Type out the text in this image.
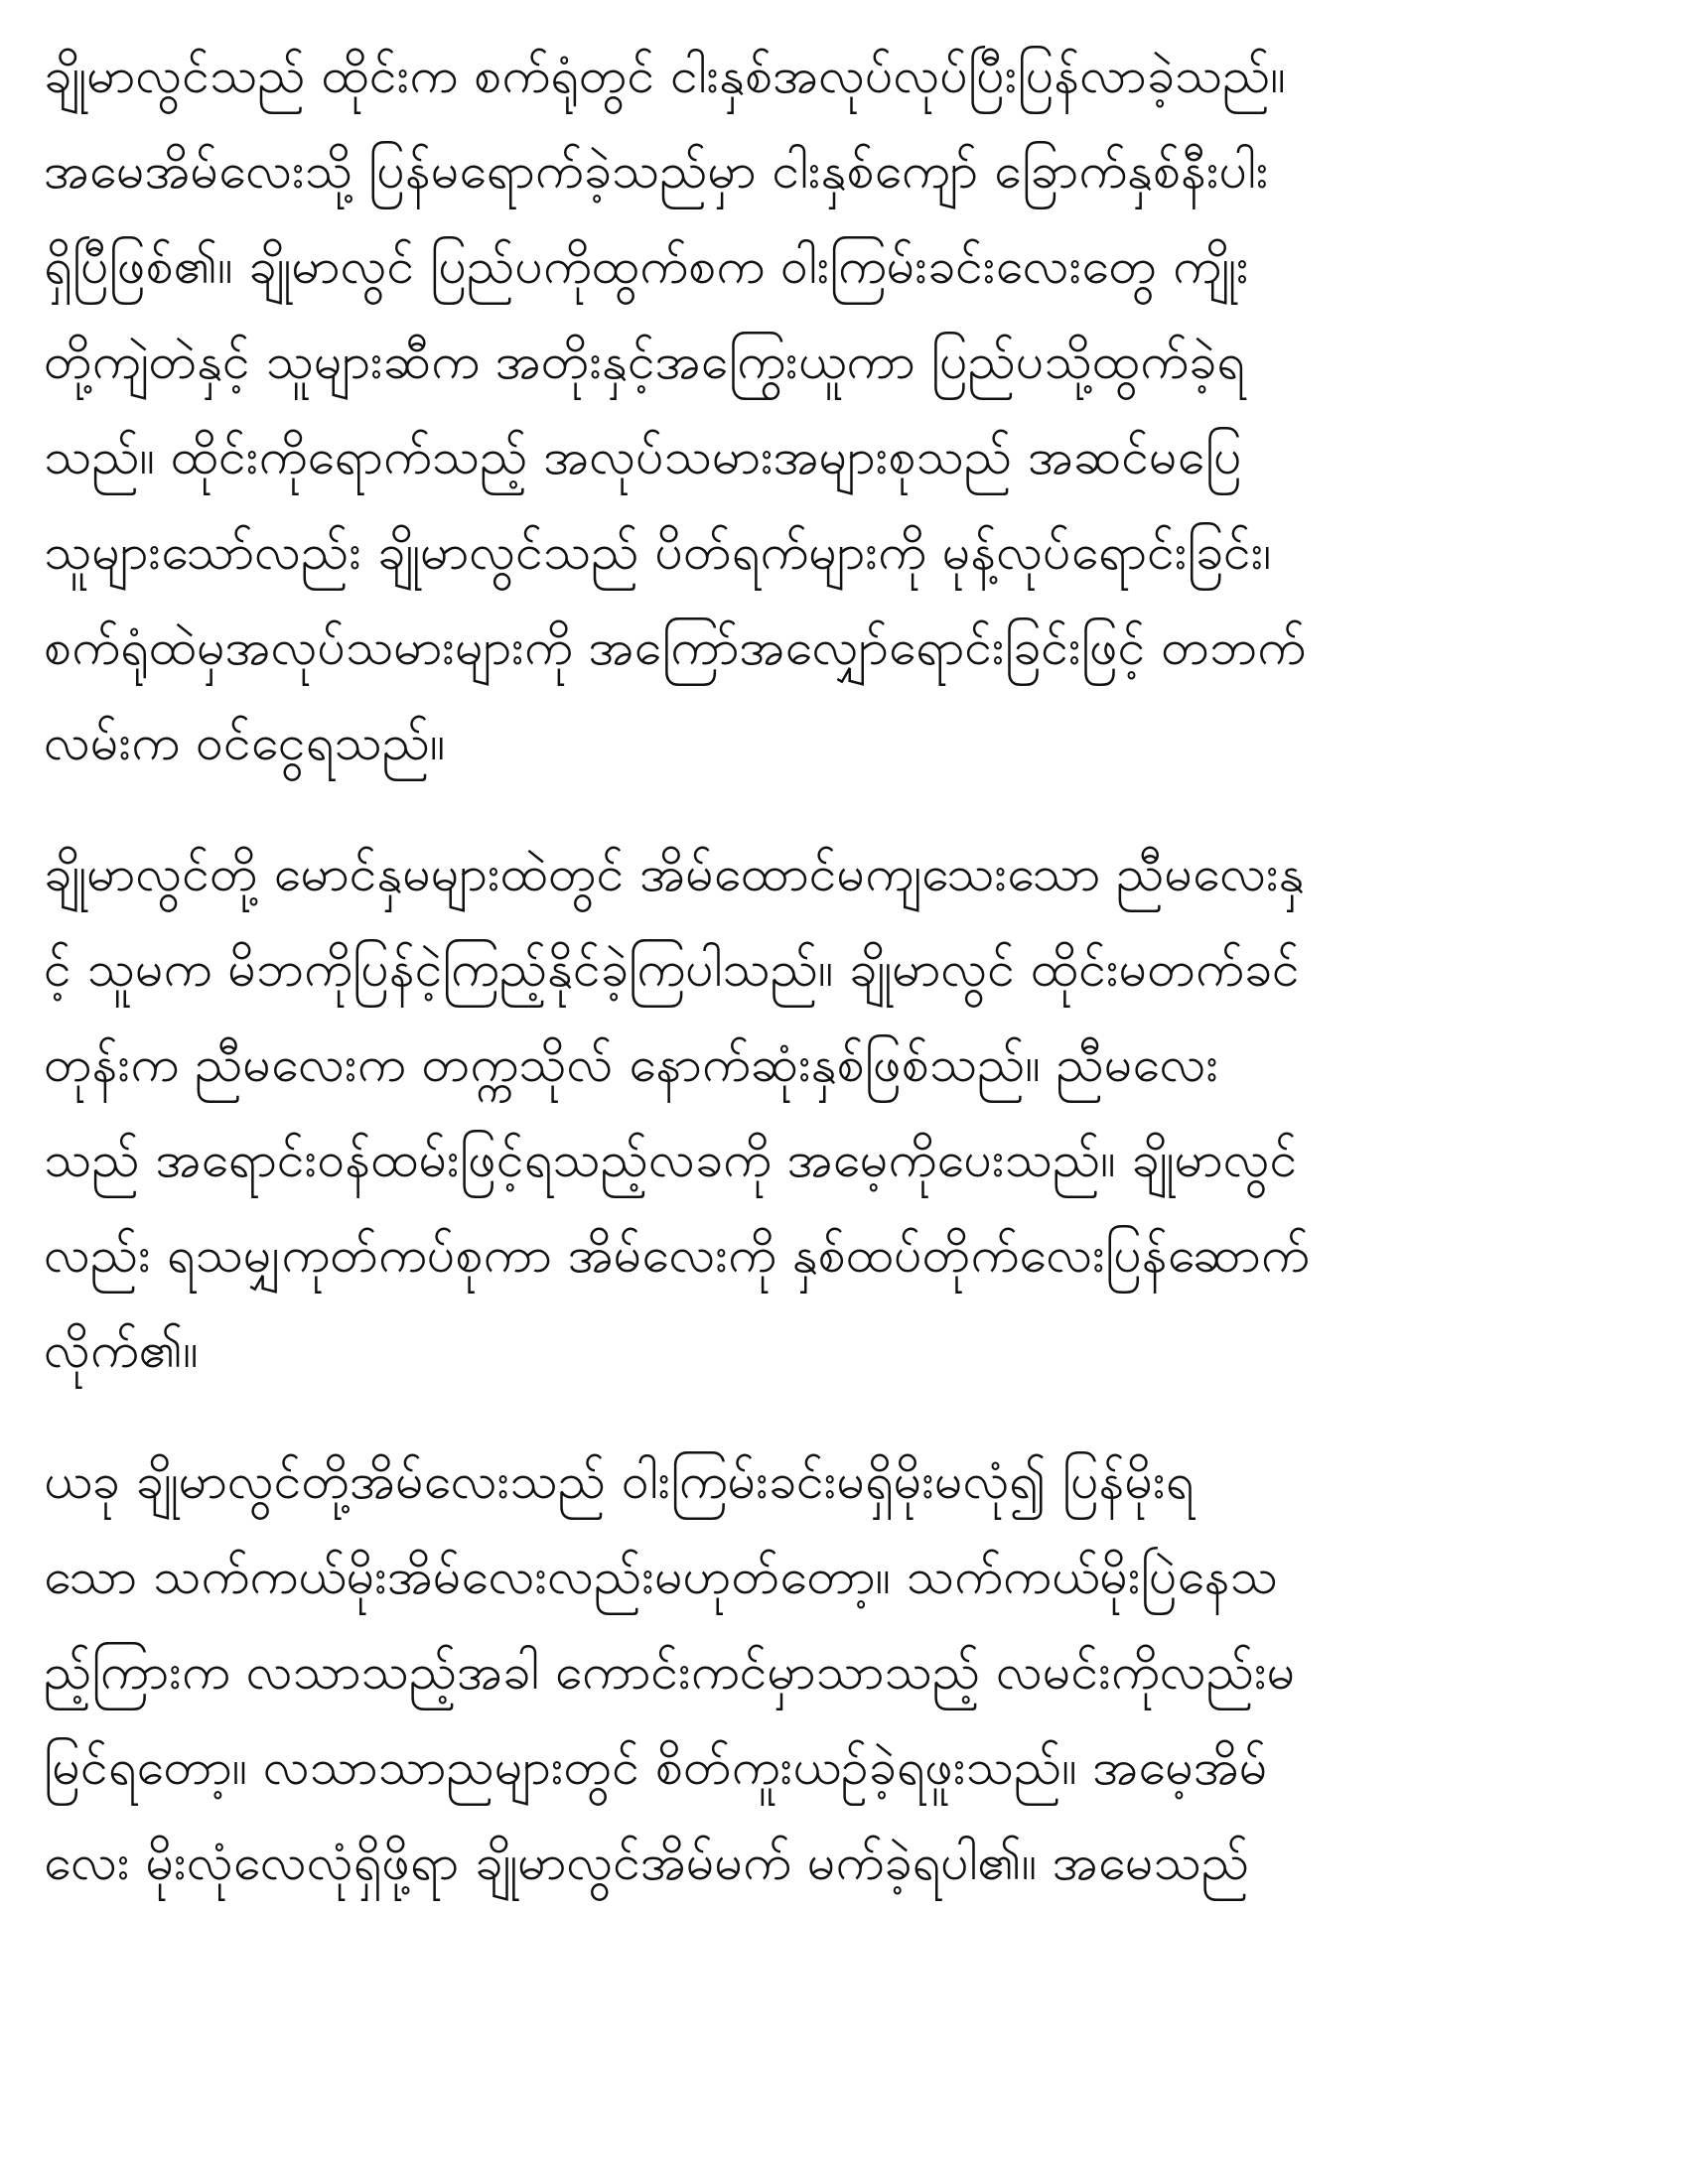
ချိုမာလွင်သည် ထိုင်းက စက်ရုံတွင် ငါးနှစ်အလုပ်လုပ်ပြီးပြန်လာခဲ့သည်။
အမေအိမ်လေးသို့ ပြန်မရောက်ခဲ့သည်မှာ ငါးနှစ်ကျော် ခြောက်နှစ်နီးပါး
ရှိပြီဖြစ်၏။ ချိုမာလွင် ပြည်ပကိုထွက်စက ဝါးကြမ်းခင်းလေးတွေ ကျိုး
တို့ကျဲတဲနှင့် သူများဆီက အတိုးနှင့်အကြွေးယူကာ ပြည်ပသို့ထွက်ခဲ့ရ
သည်။ ထိုင်းကိုရောက်သည့် အလုပ်သမားအများစုသည် အဆင်မပြေ
သူများသော်လည်း ချိုမာလွင်သည် ပိတ်ရက်များကို မုန့်လုပ်ရောင်းခြင်း၊
စက်ရုံထဲမှအလုပ်သမားများကို အကြော်အလျှော်ရောင်းခြင်းဖြင့် တဘက်
လမ်းက ဝင်ငွေရသည်။
ချိုမာလွင်တို့ မောင်နှမများထဲတွင် အိမ်ထောင်မကျသေးသော ညီမလေးနှ
င့် သူမက မိဘကိုပြန်ငဲ့ကြည့်နိုင်ခဲ့ကြပါသည်။ ချိုမာလွင် ထိုင်းမတက်ခင်
တုန်းက ညီမလေးက တက္ကသိုလ် နောက်ဆုံးနှစ်ဖြစ်သည်။ ညီမလေး
သည် အရောင်းဝန်ထမ်းဖြင့်ရသည့်လခကို အမေ့ကိုပေးသည်။ ချိုမာလွင်
လည်း ရသမျှကုတ်ကပ်စုကာ အိမ်လေးကို နှစ်ထပ်တိုက်လေးပြန်ဆောက်
လိုက်၏။
ယခု ချိုမာလွင်တို့အိမ်လေးသည် ဝါးကြမ်းခင်းမရှိမိုးမလုံ၍ ပြန်မိုးရ
သော သက်ကယ်မိုးအိမ်လေးလည်းမဟုတ်တော့။ သက်ကယ်မိုးပြဲနေသ
ည့်ကြားက လသာသည့်အခါ ကောင်းကင်မှာသာသည့် လမင်းကိုလည်းမ
မြင်ရတော့။ လသာသာညများတွင် စိတ်ကူးယဉ်ခဲ့ရဖူးသည်။ အမေ့အိမ်
လေး မိုးလုံလေလုံရှိဖို့ရာ ချိုမာလွင်အိမ်မက် မက်ခဲ့ရပါ၏။ အမေသည်
